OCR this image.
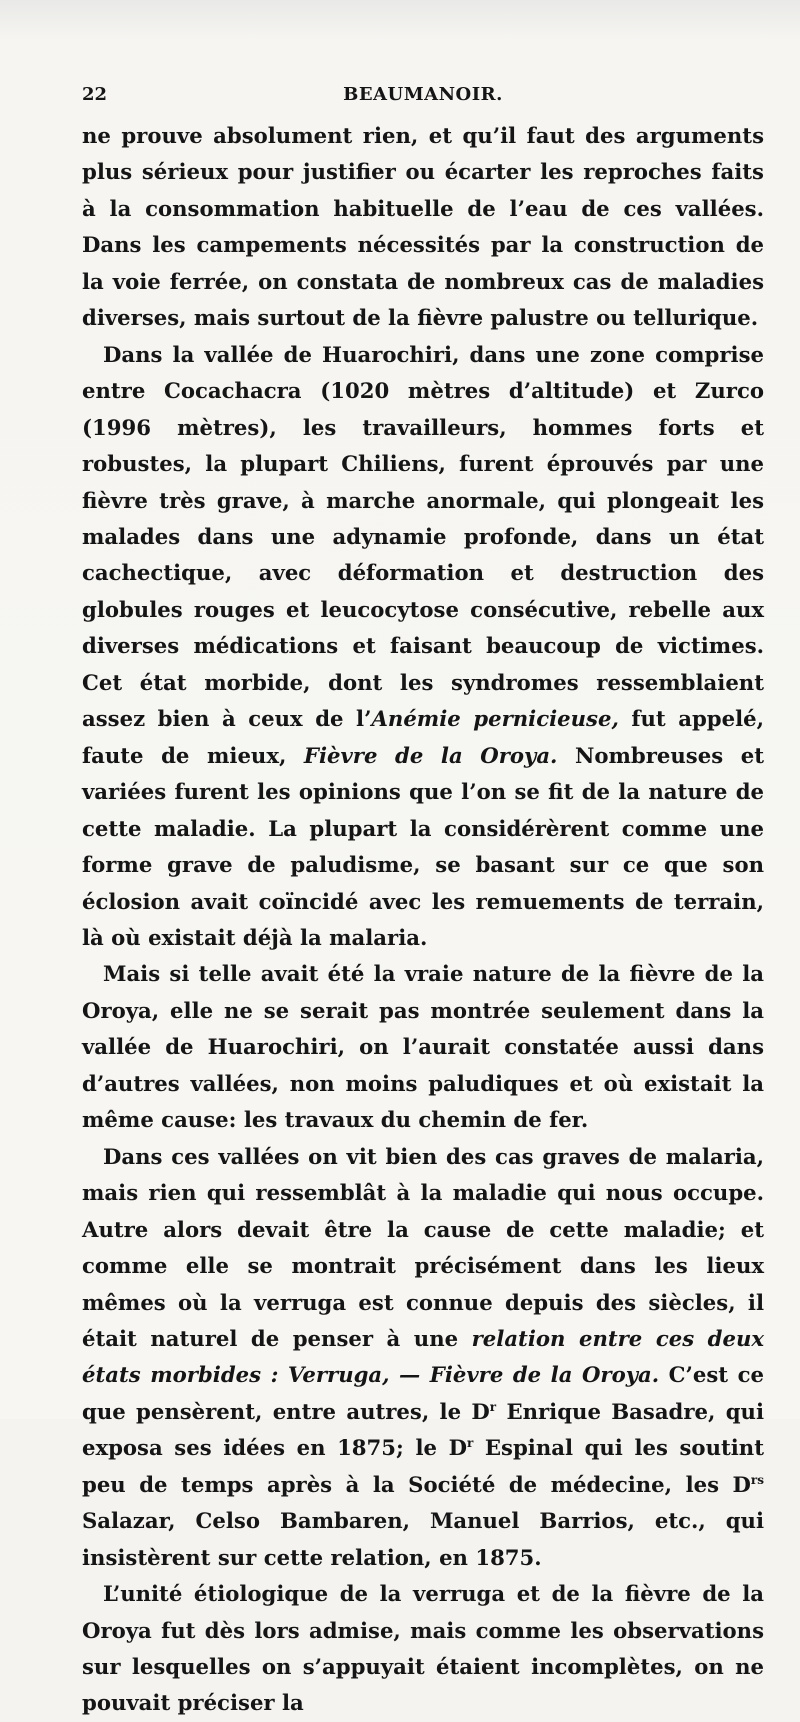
22	BEAUMANOIR.

ne prouve absolument rien, et qu’il faut des arguments plus sérieux pour justifier ou écarter les reproches faits à la consommation habituelle de l’eau de ces vallées. Dans les campements nécessités par la construction de la voie ferrée, on constata de nombreux cas de maladies diverses, mais surtout de la fièvre palustre ou tellurique.

Dans la vallée de Huarochiri, dans une zone comprise entre Cocachacra (1020 mètres d’altitude) et Zurco (1996 mètres), les travailleurs, hommes forts et robustes, la plupart Chiliens, furent éprouvés par une fièvre très grave, à marche anormale, qui plongeait les malades dans une adynamie profonde, dans un état cachectique, avec déformation et destruction des globules rouges et leucocytose consécutive, rebelle aux diverses médications et faisant beaucoup de victimes. Cet état morbide, dont les syndromes ressemblaient assez bien à ceux de l’Anémie pernicieuse, fut appelé, faute de mieux, Fièvre de la Oroya. Nombreuses et variées furent les opinions que l’on se fit de la nature de cette maladie. La plupart la considérèrent comme une forme grave de paludisme, se basant sur ce que son éclosion avait coïncidé avec les remuements de terrain, là où existait déjà la malaria.

Mais si telle avait été la vraie nature de la fièvre de la Oroya, elle ne se serait pas montrée seulement dans la vallée de Huarochiri, on l’aurait constatée aussi dans d’autres vallées, non moins paludiques et où existait la même cause: les travaux du chemin de fer.

Dans ces vallées on vit bien des cas graves de malaria, mais rien qui ressemblât à la maladie qui nous occupe. Autre alors devait être la cause de cette maladie; et comme elle se montrait précisément dans les lieux mêmes où la verruga est connue depuis des siècles, il était naturel de penser à une relation entre ces deux états morbides : Verruga, — Fièvre de la Oroya. C’est ce que pensèrent, entre autres, le $D^r$ Enrique Basadre, qui exposa ses idées en 1875; le $D^r$ Espinal qui les soutint peu de temps après à la Société de médecine, les $D^{rs}$ Salazar, Celso Bambaren, Manuel Barrios, etc., qui insistèrent sur cette relation, en 1875.

L’unité étiologique de la verruga et de la fièvre de la Oroya fut dès lors admise, mais comme les observations sur lesquelles on s’appuyait étaient incomplètes, on ne pouvait préciser la
